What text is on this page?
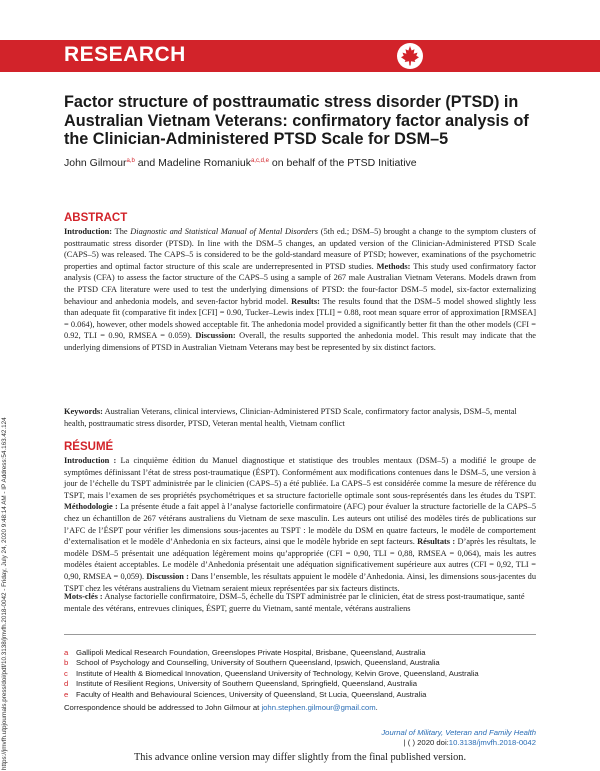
RESEARCH
https://jmvfh.utpjournals.press/doi/pdf/10.3138/jmvfh.2018-0042 - Friday, July 24, 2020 9:48:14 AM - IP Address:54.163.42.124
Factor structure of posttraumatic stress disorder (PTSD) in Australian Vietnam Veterans: confirmatory factor analysis of the Clinician-Administered PTSD Scale for DSM–5
John Gilmour$^{a,b}$ and Madeline Romaniuk$^{a,c,d,e}$ on behalf of the PTSD Initiative
ABSTRACT
Introduction: The Diagnostic and Statistical Manual of Mental Disorders (5th ed.; DSM–5) brought a change to the symptom clusters of posttraumatic stress disorder (PTSD). In line with the DSM–5 changes, an updated version of the Clinician-Administered PTSD Scale (CAPS–5) was released. The CAPS–5 is considered to be the gold-standard measure of PTSD; however, examinations of the psychometric properties and optimal factor structure of this scale are underrepresented in PTSD studies. Methods: This study used confirmatory factor analysis (CFA) to assess the factor structure of the CAPS–5 using a sample of 267 male Australian Vietnam Veterans. Models drawn from the PTSD CFA literature were used to test the underlying dimensions of PTSD: the four-factor DSM–5 model, six-factor externalizing behaviour and anhedonia models, and seven-factor hybrid model. Results: The results found that the DSM–5 model showed slightly less than adequate fit (comparative fit index [CFI] = 0.90, Tucker–Lewis index [TLI] = 0.88, root mean square error of approximation [RMSEA] = 0.064), however, other models showed acceptable fit. The anhedonia model provided a significantly better fit than the other models (CFI = 0.92, TLI = 0.90, RMSEA = 0.059). Discussion: Overall, the results supported the anhedonia model. This result may indicate that the underlying dimensions of PTSD in Australian Vietnam Veterans may best be represented by six distinct factors.
Keywords: Australian Veterans, clinical interviews, Clinician-Administered PTSD Scale, confirmatory factor analysis, DSM–5, mental health, posttraumatic stress disorder, PTSD, Veteran mental health, Vietnam conflict
RÉSUMÉ
Introduction : La cinquième édition du Manuel diagnostique et statistique des troubles mentaux (DSM–5) a modifié le groupe de symptômes définissant l’état de stress post-traumatique (ÉSPT). Conformément aux modifications contenues dans le DSM–5, une version à jour de l’échelle du TSPT administrée par le clinicien (CAPS–5) a été publiée. La CAPS–5 est considérée comme la mesure de référence du TSPT, mais l’examen de ses propriétés psychométriques et sa structure factorielle optimale sont sous-représentés dans les études du TSPT. Méthodologie : La présente étude a fait appel à l’analyse factorielle confirmatoire (AFC) pour évaluer la structure factorielle de la CAPS–5 chez un échantillon de 267 vétérans australiens du Vietnam de sexe masculin. Les auteurs ont utilisé des modèles tirés de publications sur l’AFC de l’ÉSPT pour vérifier les dimensions sous-jacentes au TSPT : le modèle du DSM en quatre facteurs, le modèle de comportement d’externalisation et le modèle d’Anhedonia en six facteurs, ainsi que le modèle hybride en sept facteurs. Résultats : D’après les résultats, le modèle DSM–5 présentait une adéquation légèrement moins qu’appropriée (CFI = 0,90, TLI = 0,88, RMSEA = 0,064), mais les autres modèles étaient acceptables. Le modèle d’Anhedonia présentait une adéquation significativement supérieure aux autres (CFI = 0,92, TLI = 0,90, RMSEA = 0,059). Discussion : Dans l’ensemble, les résultats appuient le modèle d’Anhedonia. Ainsi, les dimensions sous-jacentes du TSPT chez les vétérans australiens du Vietnam seraient mieux représentées par six facteurs distincts.
Mots-clés : Analyse factorielle confirmatoire, DSM–5, échelle du TSPT administrée par le clinicien, état de stress post-traumatique, santé mentale des vétérans, entrevues cliniques, ÉSPT, guerre du Vietnam, santé mentale, vétérans australiens
a	Gallipoli Medical Research Foundation, Greenslopes Private Hospital, Brisbane, Queensland, Australia
b	School of Psychology and Counselling, University of Southern Queensland, Ipswich, Queensland, Australia
c	Institute of Health & Biomedical Innovation, Queensland University of Technology, Kelvin Grove, Queensland, Australia
d	Institute of Resilient Regions, University of Southern Queensland, Springfield, Queensland, Australia
e	Faculty of Health and Behavioural Sciences, University of Queensland, St Lucia, Queensland, Australia
Correspondence should be addressed to John Gilmour at john.stephen.gilmour@gmail.com.
Journal of Military, Veteran and Family Health
| ( ) 2020 doi:10.3138/jmvfh.2018-0042
This advance online version may differ slightly from the final published version.
